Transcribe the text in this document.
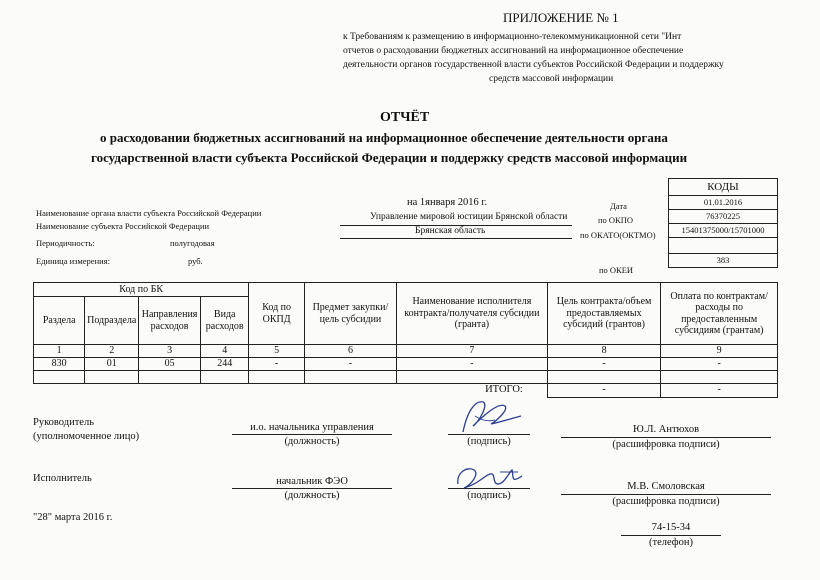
ПРИЛОЖЕНИЕ № 1
к Требованиям к размещению в информационно-телекоммуникационной сети "Инт
отчетов о расходовании бюджетных ассигнований на информационное обеспечение
деятельности органов государственной власти субъектов Российской Федерации и поддержку
средств массовой информации
ОТЧЁТ
о расходовании бюджетных ассигнований на информационное обеспечение деятельности органа
государственной власти субъекта Российской Федерации и поддержку средств массовой информации
на 1января 2016 г.
Наименование органа власти субъекта Российской Федерации	Управление мировой юстиции Брянской области
Наименование субъекта Российской Федерации	Брянская область
Периодичность:	полугодовая
Единица измерения:	руб.
Дата
по ОКПО
по ОКАТО(ОКТМО)
по ОКЕИ
КОДЫ
01.01.2016
76370225
15401375000/15701000

383
Код по БК				Код по ОКПД	Предмет закупки/цель субсидии	Наименование исполнителя контракта/получателя субсидии (гранта)	Цель контракта/объем предоставляемых субсидий (грантов)	Оплата по контрактам/расходы по предоставленным субсидиям (грантам)
Раздела	Подраздела	Направления расходов	Вида расходов					
1	2	3	4	5	6	7	8	9
830	01	05	244	-	-	-	-	-

ИТОГО:							-	-
Руководитель
(уполномоченное лицо)
и.о. начальника управления
(должность)	(подпись)
Ю.Л. Антюхов
(расшифровка подписи)
Исполнитель	начальник ФЭО
(должность)	(подпись)
М.В. Смоловская
(расшифровка подписи)
"28" марта 2016 г.
74-15-34
(телефон)
